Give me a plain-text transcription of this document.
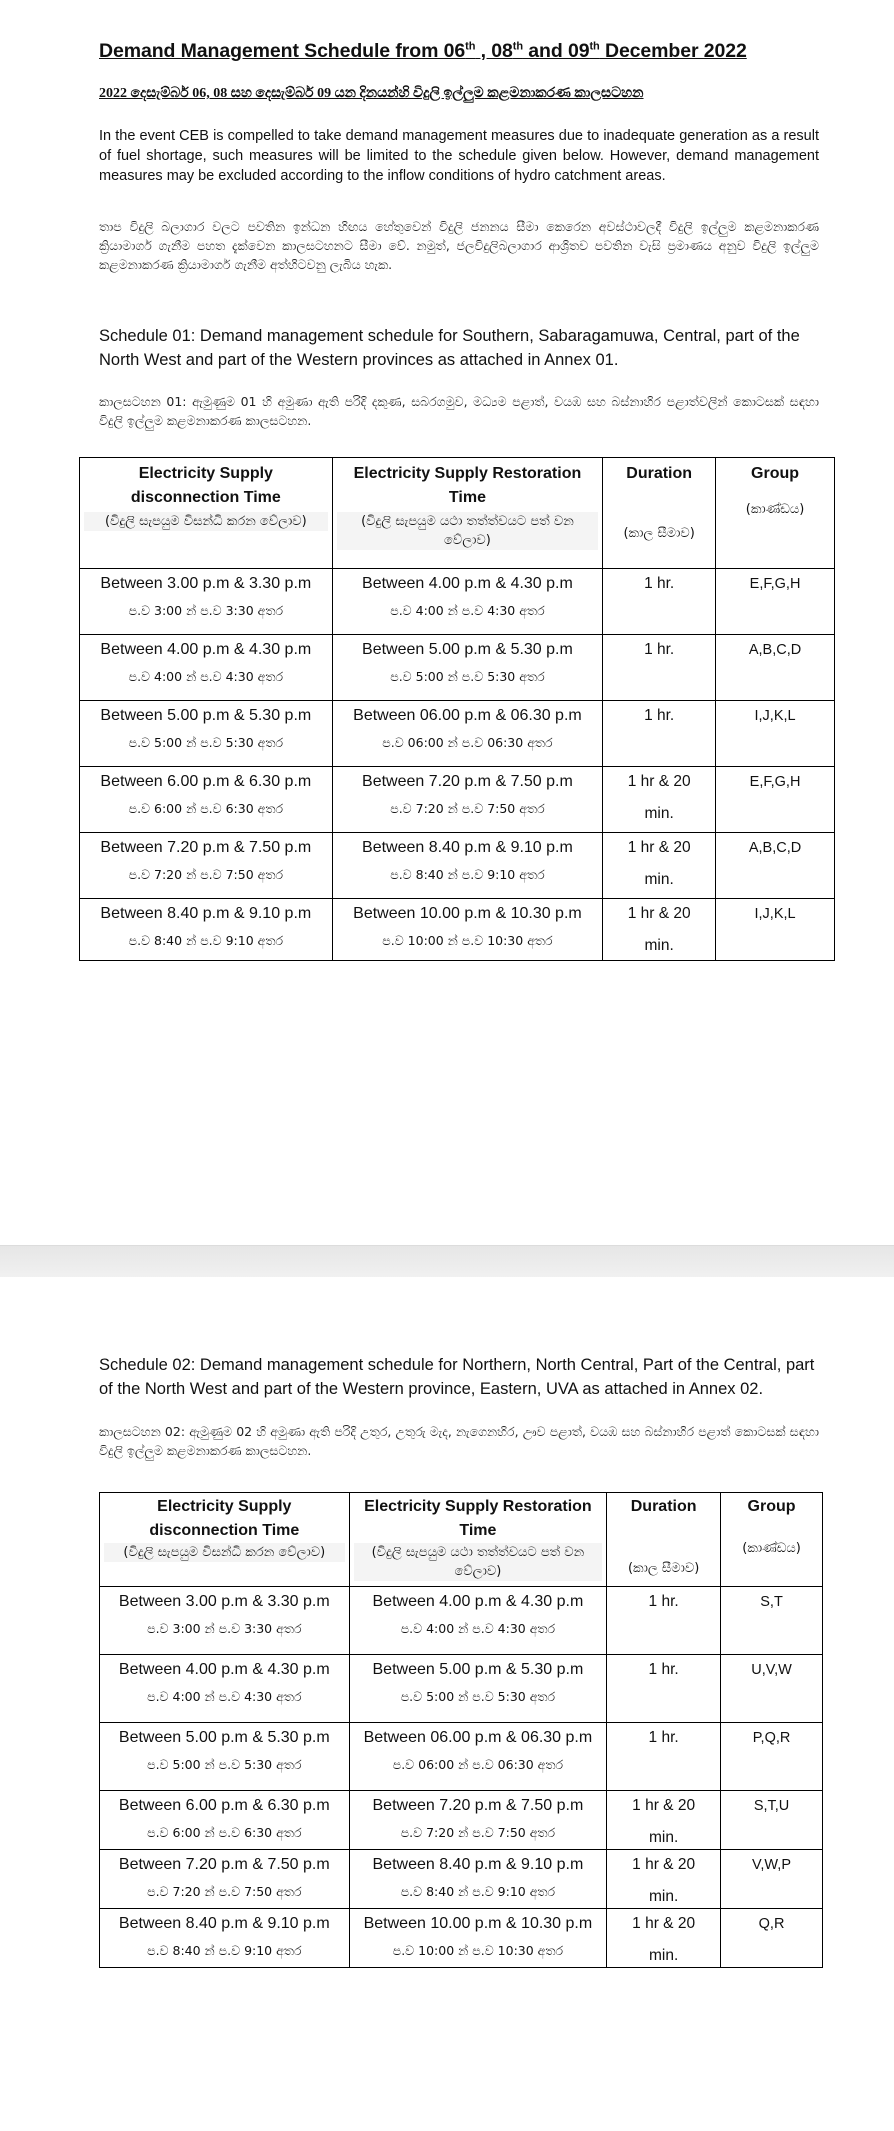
Demand Management Schedule from 06th , 08th and 09th December 2022
2022 දෙසැම්බර් 06, 08 සහ දෙසැම්බර් 09 යන දිනයන්හි විදුලි ඉල්ලුම කළමනාකරණ කාලසටහන
In the event CEB is compelled to take demand management measures due to inadequate generation as a result of fuel shortage, such measures will be limited to the schedule given below. However, demand management measures may be excluded according to the inflow conditions of hydro catchment areas.
තාප විදුලි බලාගාර වලට පවතින ඉන්ධන හිඟය හේතුවෙන් විදුලි ජනනය සීමා කෙරෙන අවස්ථාවලදී විදුලි ඉල්ලුම කළමනාකරණ ක්‍රියාමාර්ග ගැනීම පහත දැක්වෙන කාලසටහනට සීමා වේ. නමුත්, ජලවිදුලිබලාගාර ආශ්‍රිතව පවතින වැසි ප්‍රමාණය අනුව විදුලි ඉල්ලුම කළමනාකරණ ක්‍රියාමාර්ග ගැනීම අත්හිටවනු ලැබිය හැක.
Schedule 01: Demand management schedule for Southern, Sabaragamuwa, Central, part of the North West and part of the Western provinces as attached in Annex 01.
කාලසටහන 01: ඇමුණුම 01 හි අමුණා ඇති පරිදි දකුණ, සබරගමුව, මධ්‍යම පළාත්, වයඹ සහ බස්නාහිර පළාත්වලින් කොටසක් සඳහා විදුලි ඉල්ලුම කළමනාකරණ කාලසටහන.
Electricity Supply disconnection Time
(විදුලි සැපයුම විසන්ධි කරන වේලාව)	Electricity Supply Restoration Time
(විදුලි සැපයුම යථා තත්ත්වයට පත් වන වේලාව)	Duration
(කාල සීමාව)	Group
(කාණ්ඩය)

Between 3.00 p.m & 3.30 p.m
ප.ව 3:00 න් ප.ව 3:30 අතර	Between 4.00 p.m & 4.30 p.m
ප.ව 4:00 න් ප.ව 4:30 අතර	1 hr.	E,F,G,H

Between 4.00 p.m & 4.30 p.m
ප.ව 4:00 න් ප.ව 4:30 අතර	Between 5.00 p.m & 5.30 p.m
ප.ව 5:00 න් ප.ව 5:30 අතර	1 hr.	A,B,C,D

Between 5.00 p.m & 5.30 p.m
ප.ව 5:00 න් ප.ව 5:30 අතර	Between 06.00 p.m & 06.30 p.m
ප.ව 06:00 න් ප.ව 06:30 අතර	1 hr.	I,J,K,L

Between 6.00 p.m & 6.30 p.m
ප.ව 6:00 න් ප.ව 6:30 අතර	Between 7.20 p.m & 7.50 p.m
ප.ව 7:20 න් ප.ව 7:50 අතර	1 hr & 20
min.	E,F,G,H

Between 7.20 p.m & 7.50 p.m
ප.ව 7:20 න් ප.ව 7:50 අතර	Between 8.40 p.m & 9.10 p.m
ප.ව 8:40 න් ප.ව 9:10 අතර	1 hr & 20
min.	A,B,C,D

Between 8.40 p.m & 9.10 p.m
ප.ව 8:40 න් ප.ව 9:10 අතර	Between 10.00 p.m & 10.30 p.m
ප.ව 10:00 න් ප.ව 10:30 අතර	1 hr & 20
min.	I,J,K,L
Schedule 02: Demand management schedule for Northern, North Central, Part of the Central, part of the North West and part of the Western province, Eastern, UVA as attached in Annex 02.
කාලසටහන 02: ඇමුණුම 02 හි අමුණා ඇති පරිදි උතුර, උතුරු මැද, නැගෙනහිර, ඌව පළාත්, වයඹ සහ බස්නාහිර පළාත් කොටසක් සඳහා විදුලි ඉල්ලුම කළමනාකරණ කාලසටහන.
Electricity Supply disconnection Time
(විදුලි සැපයුම විසන්ධි කරන වේලාව)	Electricity Supply Restoration Time
(විදුලි සැපයුම යථා තත්ත්වයට පත් වන වේලාව)	Duration
(කාල සීමාව)	Group
(කාණ්ඩය)

Between 3.00 p.m & 3.30 p.m
ප.ව 3:00 න් ප.ව 3:30 අතර	Between 4.00 p.m & 4.30 p.m
ප.ව 4:00 න් ප.ව 4:30 අතර	1 hr.	S,T

Between 4.00 p.m & 4.30 p.m
ප.ව 4:00 න් ප.ව 4:30 අතර	Between 5.00 p.m & 5.30 p.m
ප.ව 5:00 න් ප.ව 5:30 අතර	1 hr.	U,V,W

Between 5.00 p.m & 5.30 p.m
ප.ව 5:00 න් ප.ව 5:30 අතර	Between 06.00 p.m & 06.30 p.m
ප.ව 06:00 න් ප.ව 06:30 අතර	1 hr.	P,Q,R

Between 6.00 p.m & 6.30 p.m
ප.ව 6:00 න් ප.ව 6:30 අතර	Between 7.20 p.m & 7.50 p.m
ප.ව 7:20 න් ප.ව 7:50 අතර	1 hr & 20
min.	S,T,U

Between 7.20 p.m & 7.50 p.m
ප.ව 7:20 න් ප.ව 7:50 අතර	Between 8.40 p.m & 9.10 p.m
ප.ව 8:40 න් ප.ව 9:10 අතර	1 hr & 20
min.	V,W,P

Between 8.40 p.m & 9.10 p.m
ප.ව 8:40 න් ප.ව 9:10 අතර	Between 10.00 p.m & 10.30 p.m
ප.ව 10:00 න් ප.ව 10:30 අතර	1 hr & 20
min.	Q,R
